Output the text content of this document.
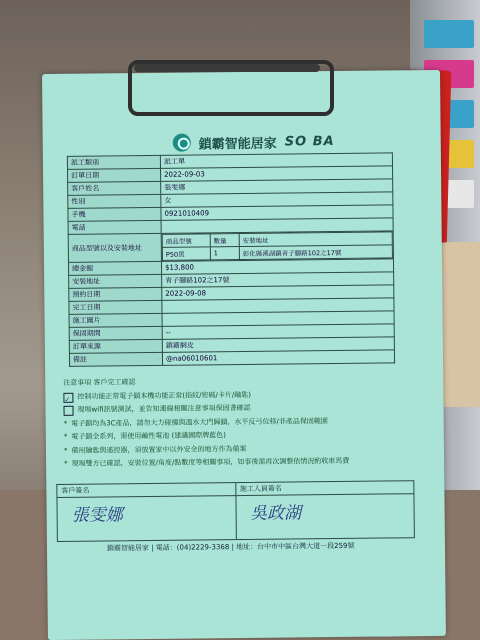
鎖霸智能居家 SO BA
派工類別	派工單
訂單日期	2022-09-03
客戶姓名	張雯娜
性別	女
手機	0921010409
電話	
商品型號以及安裝地址	
商品型號	數量	安裝地址
P50黑	1	彰化縣溪湖鎮青子腳路102之17號

總金額	$13,800
安裝地址	青子腳路102之17號
預約日期	2022-09-08
完工日期	
施工圖片	
保固期間	--
訂單來源	鎖霸網皮
備註	@na06010601
注意事項 客戶完工確認
✓	控制功能正常電子鎖本機功能正常(指紋/密碼/卡片/鑰匙)
現場wifi訊號測試，並告知連線相關注意事項保固書確認
* 電子鎖均為3C產品，請勿大力碰撞與溫水大門歸鎖，水平反弓位移/非產品保固範圍
* 電子鎖全系列，需使用鹼性電池 (建議國際牌藍色)
* 備用鑰匙與遙控器，須放置家中以外安全的地方作為備案
* 現場雙方已確認，安裝位置/角度/點數度等相關事項，如事後需再次調整依情況酌收車馬費
客戶簽名
張雯娜
施工人員簽名
吳政湖
鎖霸智能居家 | 電話：(04)2229-3368 | 地址：台中市中區台灣大道一段259號
